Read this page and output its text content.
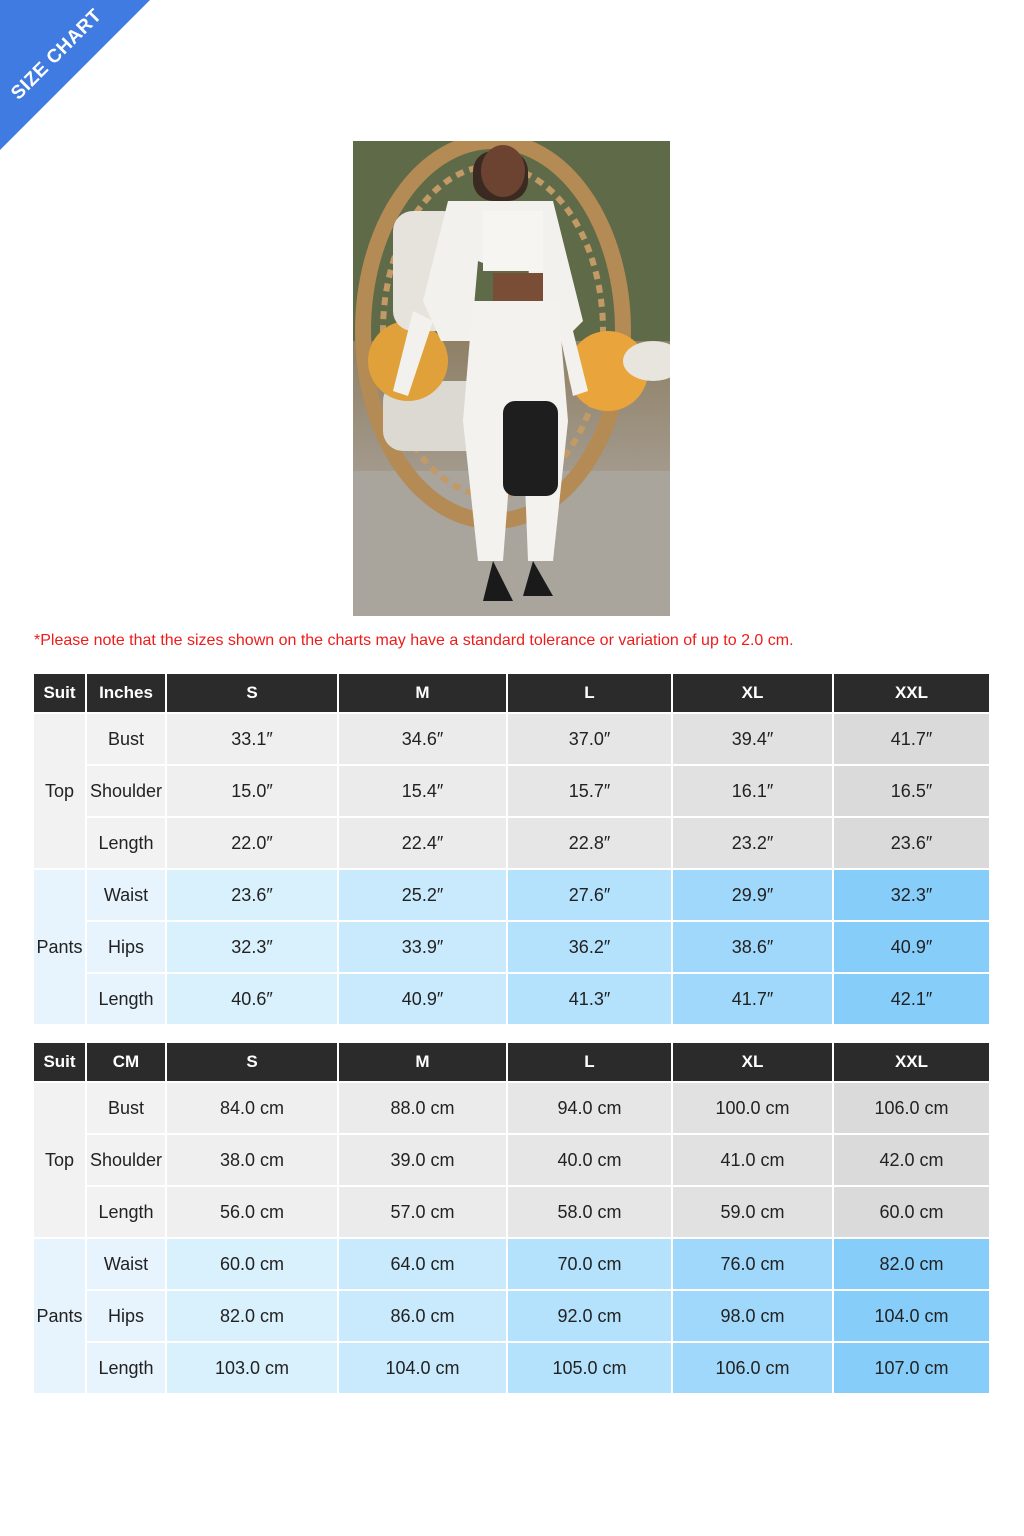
SIZE CHART
*Please note that the sizes shown on the charts may have a standard tolerance or variation of up to 2.0 cm.
Suit	Inches	S	M	L	XL	XXL
Top	Bust	33.1″	34.6″	37.0″	39.4″	41.7″
	Shoulder	15.0″	15.4″	15.7″	16.1″	16.5″
	Length	22.0″	22.4″	22.8″	23.2″	23.6″
Pants	Waist	23.6″	25.2″	27.6″	29.9″	32.3″
	Hips	32.3″	33.9″	36.2″	38.6″	40.9″
	Length	40.6″	40.9″	41.3″	41.7″	42.1″
Suit	CM	S	M	L	XL	XXL
Top	Bust	84.0 cm	88.0 cm	94.0 cm	100.0 cm	106.0 cm
	Shoulder	38.0 cm	39.0 cm	40.0 cm	41.0 cm	42.0 cm
	Length	56.0 cm	57.0 cm	58.0 cm	59.0 cm	60.0 cm
Pants	Waist	60.0 cm	64.0 cm	70.0 cm	76.0 cm	82.0 cm
	Hips	82.0 cm	86.0 cm	92.0 cm	98.0 cm	104.0 cm
	Length	103.0 cm	104.0 cm	105.0 cm	106.0 cm	107.0 cm
